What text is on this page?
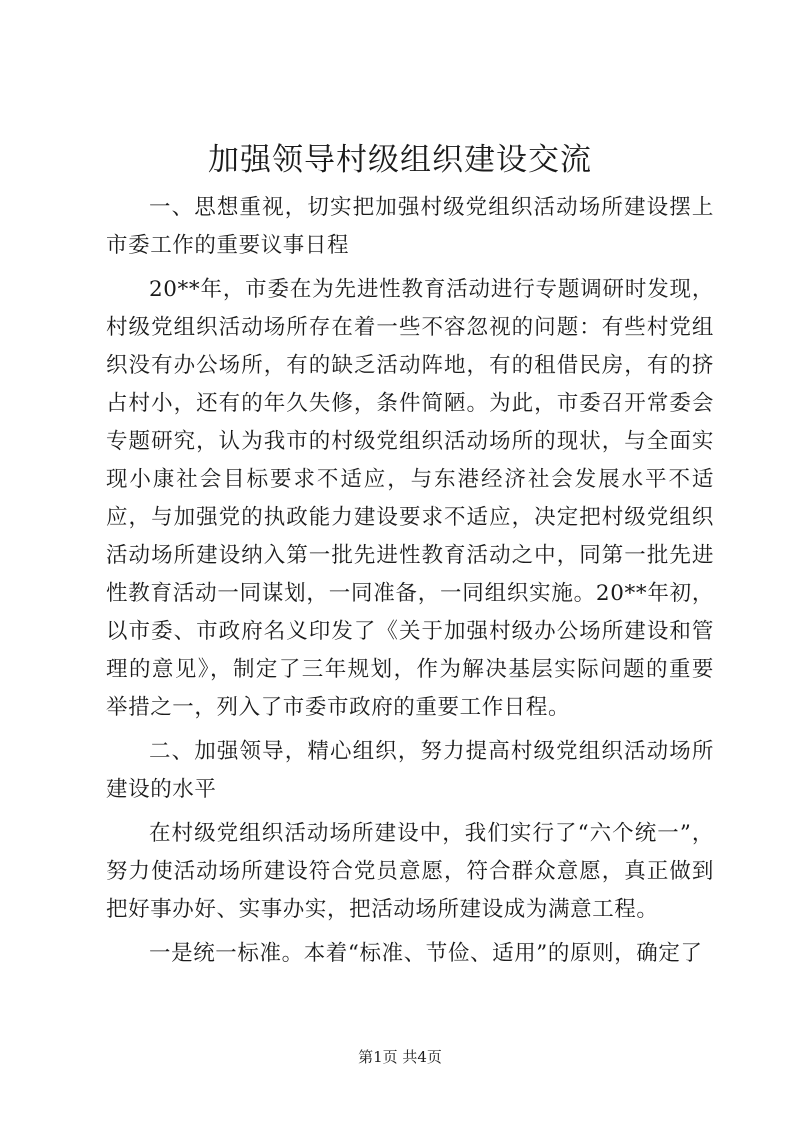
加强领导村级组织建设交流

一、思想重视，切实把加强村级党组织活动场所建设摆上市委工作的重要议事日程

20**年，市委在为先进性教育活动进行专题调研时发现，村级党组织活动场所存在着一些不容忽视的问题：有些村党组织没有办公场所，有的缺乏活动阵地，有的租借民房，有的挤占村小，还有的年久失修，条件简陋。为此，市委召开常委会专题研究，认为我市的村级党组织活动场所的现状，与全面实现小康社会目标要求不适应，与东港经济社会发展水平不适应，与加强党的执政能力建设要求不适应，决定把村级党组织活动场所建设纳入第一批先进性教育活动之中，同第一批先进性教育活动一同谋划，一同准备，一同组织实施。20**年初，以市委、市政府名义印发了《关于加强村级办公场所建设和管理的意见》，制定了三年规划，作为解决基层实际问题的重要举措之一，列入了市委市政府的重要工作日程。

二、加强领导，精心组织，努力提高村级党组织活动场所建设的水平

在村级党组织活动场所建设中，我们实行了“六个统一”，努力使活动场所建设符合党员意愿，符合群众意愿，真正做到把好事办好、实事办实，把活动场所建设成为满意工程。

一是统一标准。本着“标准、节俭、适用”的原则，确定了

第1页 共4页
